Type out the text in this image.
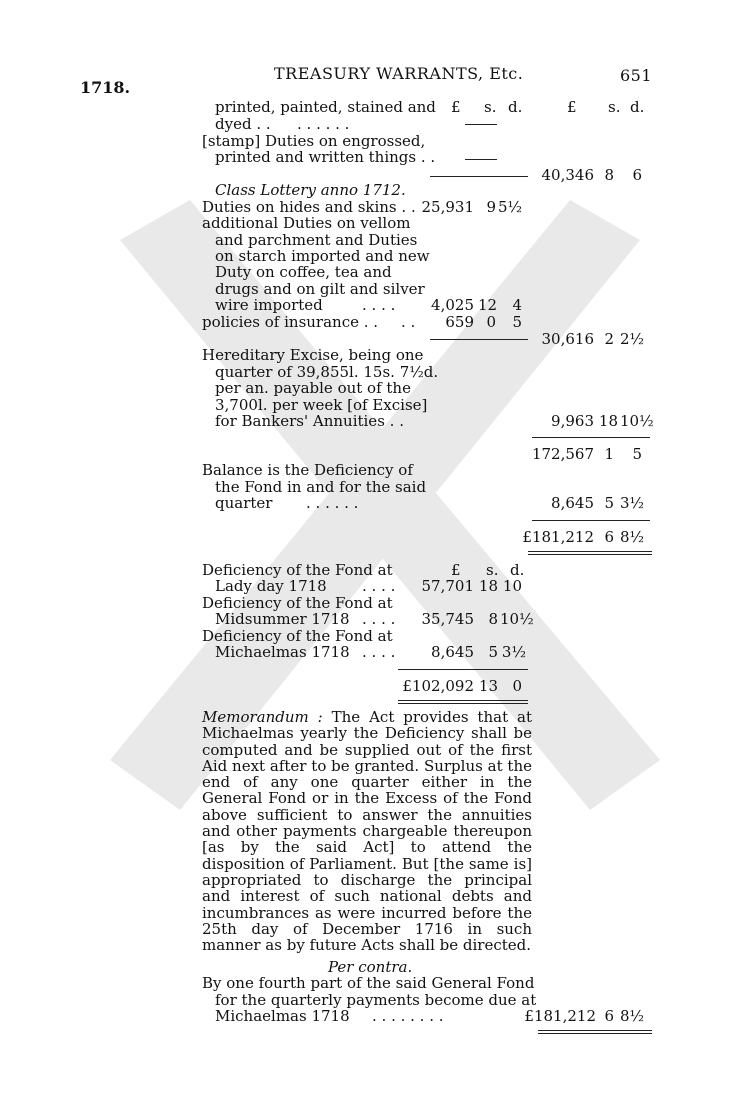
1718.
TREASURY WARRANTS, Etc.	651
£ s. d.	£ s. d.
printed, painted, stained and
dyed . . . . . . . .
[stamp] Duties on engrossed,
printed and written things . .
40,346 8	6
Class Lottery anno 1712.
Duties on hides and skins . . 25,931 9 5½
additional Duties on vellom
and parchment and Duties
on starch imported and new
Duty on coffee, tea and
drugs and on gilt and silver
wire imported	. . . .	4,025 12	4
policies of insurance . . . .	659 0	5
30,616 2 2½
Hereditary Excise, being one
quarter of 39,855l. 15s. 7½d.
per an. payable out of the
3,700l. per week [of Excise]
for Bankers' Annuities . .	9,963 18 10½
172,567 1	5
Balance is the Deficiency of
the Fond in and for the said
quarter . . . . . .	8,645 5 3½
£181,212 6 8½
£ s. d.
Deficiency of the Fond at
Lady day 1718 . . . . 57,701 18 10
Deficiency of the Fond at
Midsummer 1718 . . . . 35,745 8 10½
Deficiency of the Fond at
Michaelmas 1718 . . . .	8,645 5 3½
£102,092 13 0
Memorandum : The Act provides that at Michaelmas yearly the Deficiency shall be computed and be supplied out of the first Aid next after to be granted. Surplus at the end of any one quarter either in the General Fond or in the Excess of the Fond above sufficient to answer the annuities and other payments chargeable thereupon [as by the said Act] to attend the disposition of Parliament. But [the same is] appropriated to discharge the principal and interest of such national debts and incumbrances as were incurred before the 25th day of December 1716 in such manner as by future Acts shall be directed.
Per contra.
By one fourth part of the said General Fond
for the quarterly payments become due at
Michaelmas 1718 . . . . . . . .	£181,212 6 8½
